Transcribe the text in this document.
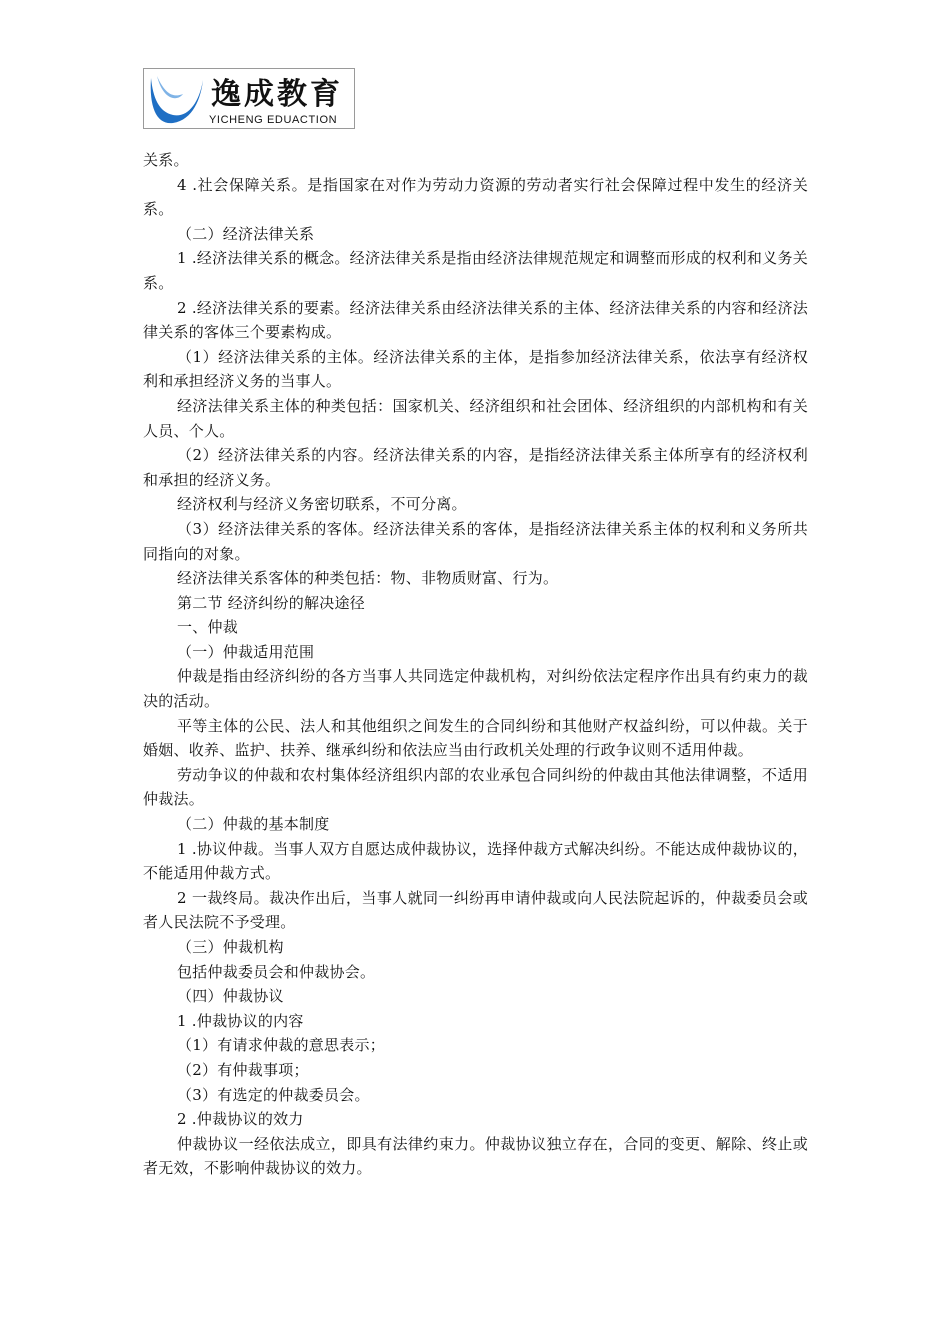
逸成教育
YICHENG EDUACTION

关系。

4 .社会保障关系。是指国家在对作为劳动力资源的劳动者实行社会保障过程中发生的经济关系。

（二）经济法律关系

1 .经济法律关系的概念。经济法律关系是指由经济法律规范规定和调整而形成的权利和义务关系。

2 .经济法律关系的要素。经济法律关系由经济法律关系的主体、经济法律关系的内容和经济法律关系的客体三个要素构成。

（1）经济法律关系的主体。经济法律关系的主体，是指参加经济法律关系，依法享有经济权利和承担经济义务的当事人。

经济法律关系主体的种类包括：国家机关、经济组织和社会团体、经济组织的内部机构和有关人员、个人。

（2）经济法律关系的内容。经济法律关系的内容，是指经济法律关系主体所享有的经济权利和承担的经济义务。

经济权利与经济义务密切联系，不可分离。

（3）经济法律关系的客体。经济法律关系的客体，是指经济法律关系主体的权利和义务所共同指向的对象。

经济法律关系客体的种类包括：物、非物质财富、行为。

第二节 经济纠纷的解决途径

一、仲裁

（一）仲裁适用范围

仲裁是指由经济纠纷的各方当事人共同选定仲裁机构，对纠纷依法定程序作出具有约束力的裁决的活动。

平等主体的公民、法人和其他组织之间发生的合同纠纷和其他财产权益纠纷，可以仲裁。关于婚姻、收养、监护、扶养、继承纠纷和依法应当由行政机关处理的行政争议则不适用仲裁。

劳动争议的仲裁和农村集体经济组织内部的农业承包合同纠纷的仲裁由其他法律调整，不适用仲裁法。

（二）仲裁的基本制度

1 .协议仲裁。当事人双方自愿达成仲裁协议，选择仲裁方式解决纠纷。不能达成仲裁协议的，不能适用仲裁方式。

2 一裁终局。裁决作出后，当事人就同一纠纷再申请仲裁或向人民法院起诉的，仲裁委员会或者人民法院不予受理。

（三）仲裁机构

包括仲裁委员会和仲裁协会。

（四）仲裁协议

1 .仲裁协议的内容

（1）有请求仲裁的意思表示；

（2）有仲裁事项；

（3）有选定的仲裁委员会。

2 .仲裁协议的效力

仲裁协议一经依法成立，即具有法律约束力。仲裁协议独立存在，合同的变更、解除、终止或者无效，不影响仲裁协议的效力。
